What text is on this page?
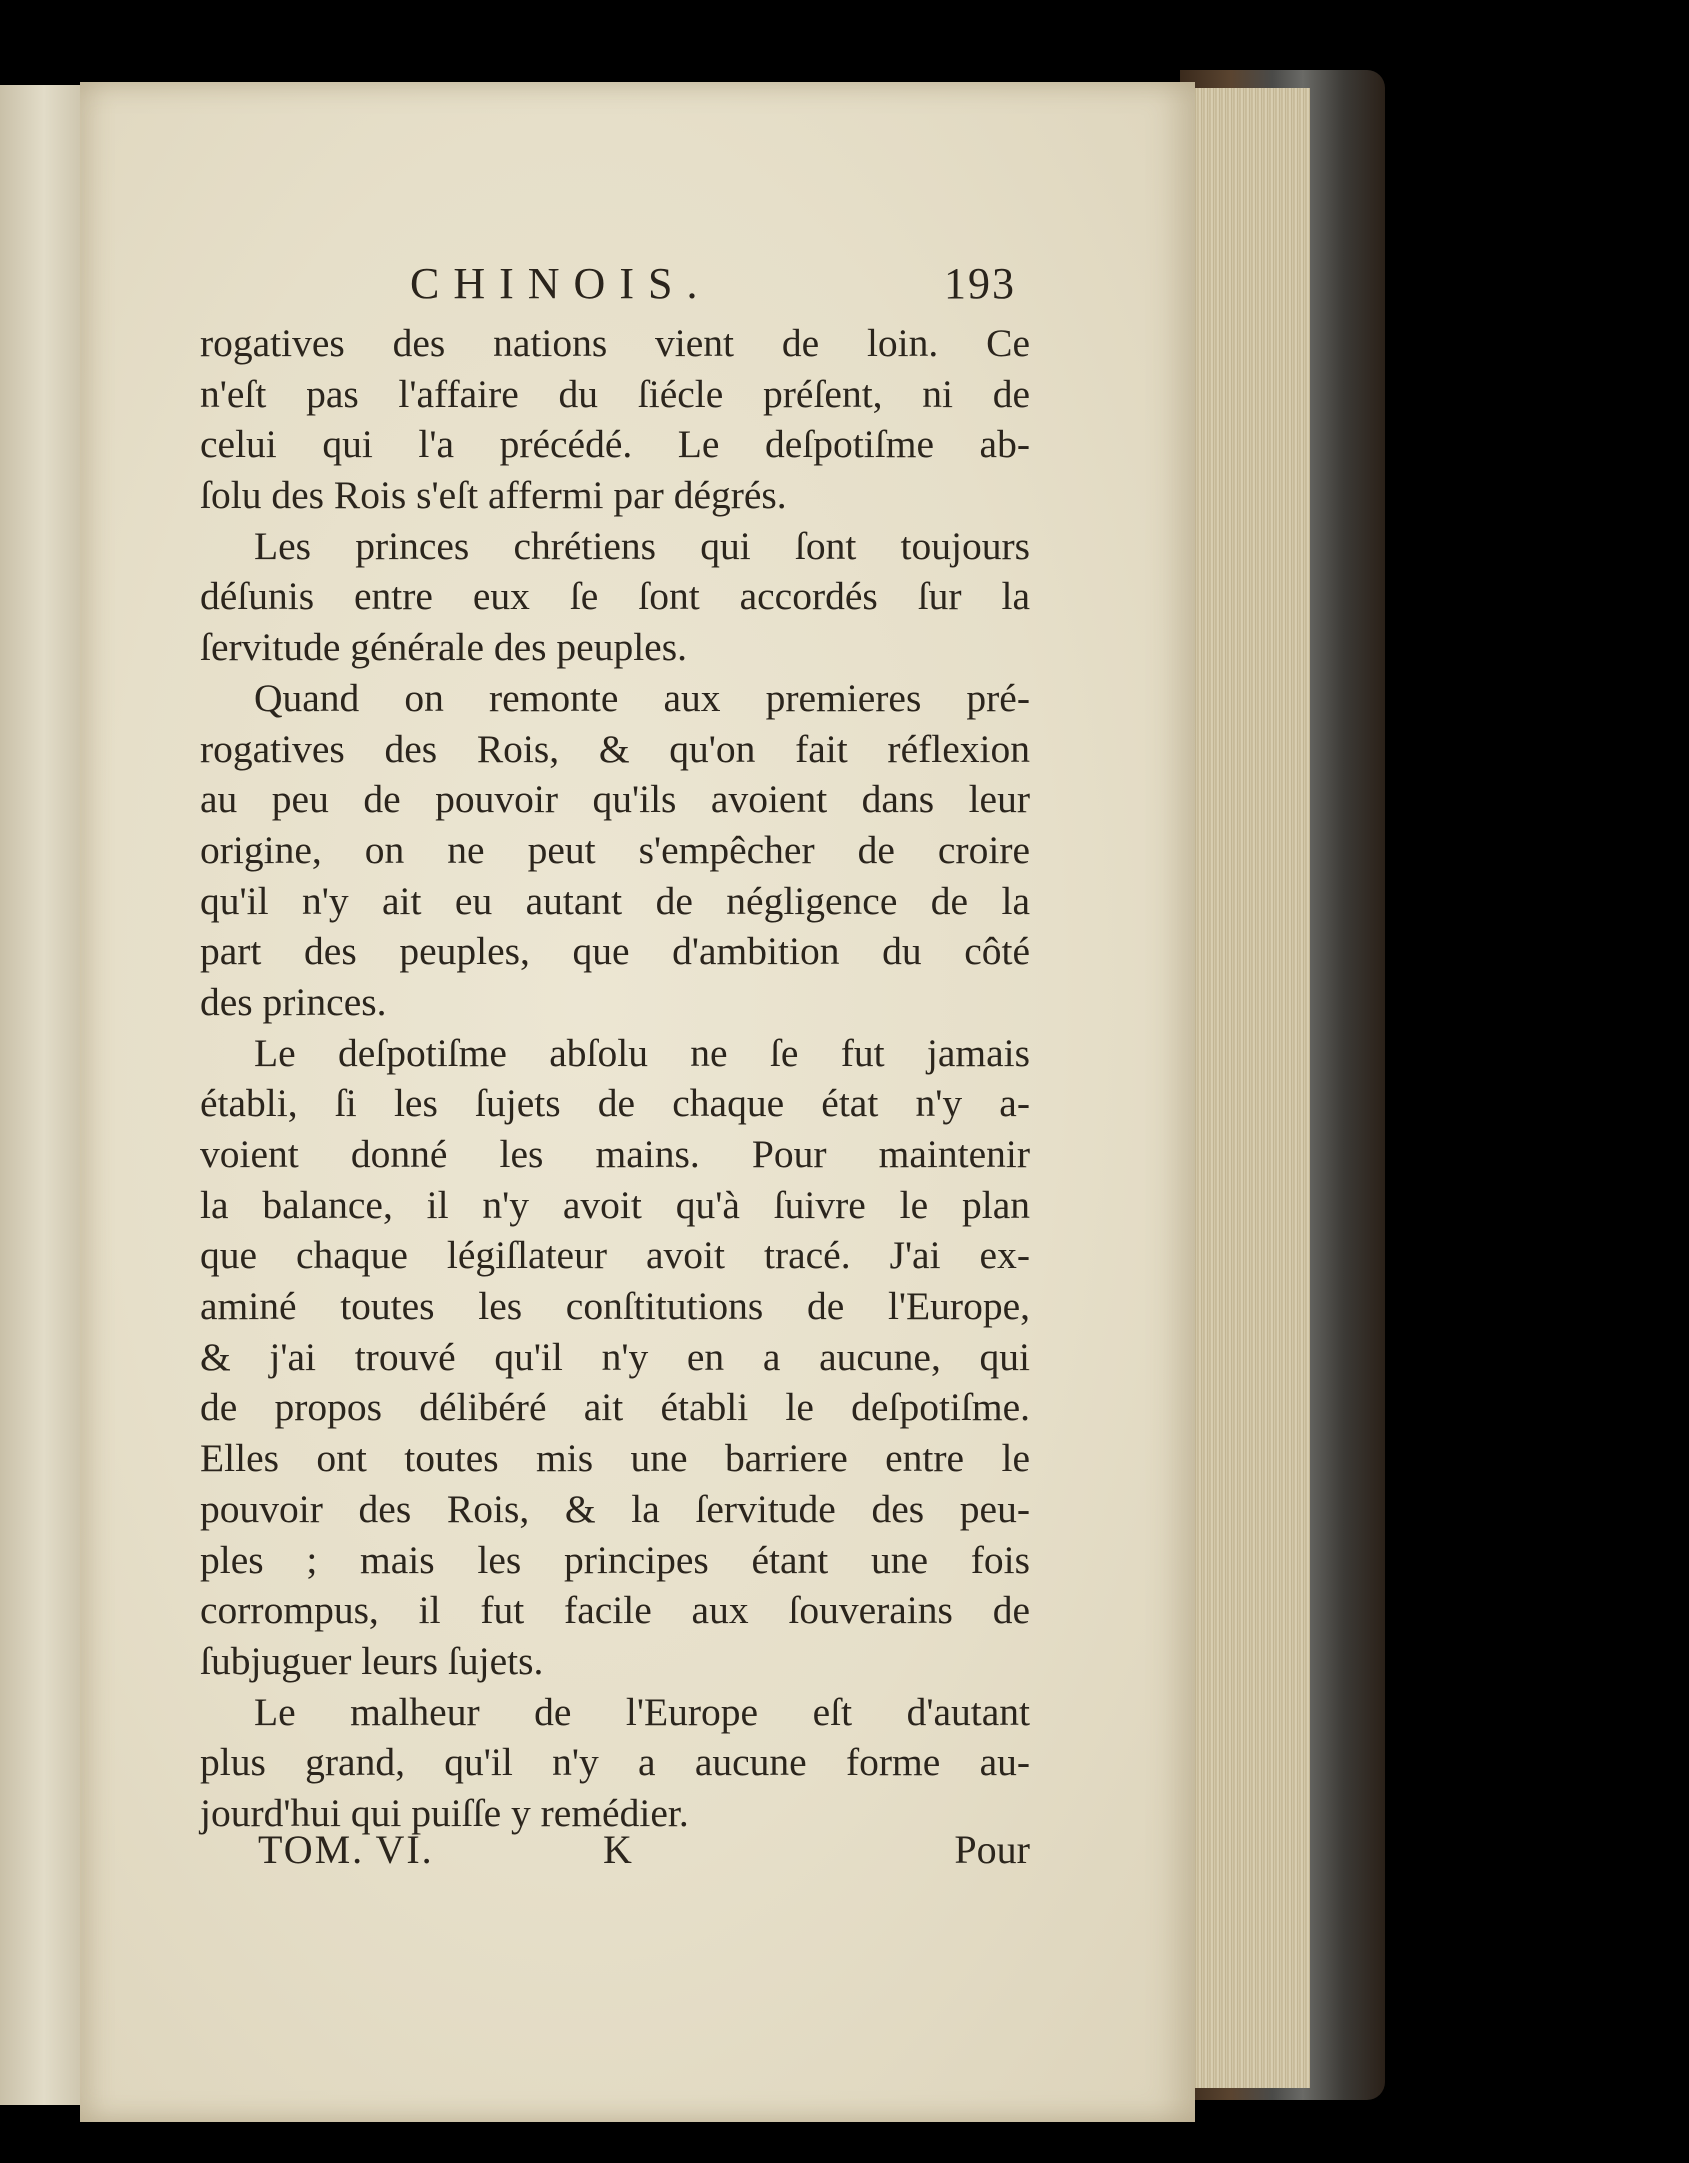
CHINOIS.	193
rogatives des nations vient de loin. Ce
n'eſt pas l'affaire du ſiécle préſent, ni de
celui qui l'a précédé. Le deſpotiſme ab-
ſolu des Rois s'eſt affermi par dégrés.
Les princes chrétiens qui ſont toujours
déſunis entre eux ſe ſont accordés ſur la
ſervitude générale des peuples.
Quand on remonte aux premieres pré-
rogatives des Rois, & qu'on fait réflexion
au peu de pouvoir qu'ils avoient dans leur
origine, on ne peut s'empêcher de croire
qu'il n'y ait eu autant de négligence de la
part des peuples, que d'ambition du côté
des princes.
Le deſpotiſme abſolu ne ſe fut jamais
établi, ſi les ſujets de chaque état n'y a-
voient donné les mains. Pour maintenir
la balance, il n'y avoit qu'à ſuivre le plan
que chaque légiſlateur avoit tracé. J'ai ex-
aminé toutes les conſtitutions de l'Europe,
& j'ai trouvé qu'il n'y en a aucune, qui
de propos délibéré ait établi le deſpotiſme.
Elles ont toutes mis une barriere entre le
pouvoir des Rois, & la ſervitude des peu-
ples ; mais les principes étant une fois
corrompus, il fut facile aux ſouverains de
ſubjuguer leurs ſujets.
Le malheur de l'Europe eſt d'autant
plus grand, qu'il n'y a aucune forme au-
jourd'hui qui puiſſe y remédier.
TOM. VI.	K	Pour
